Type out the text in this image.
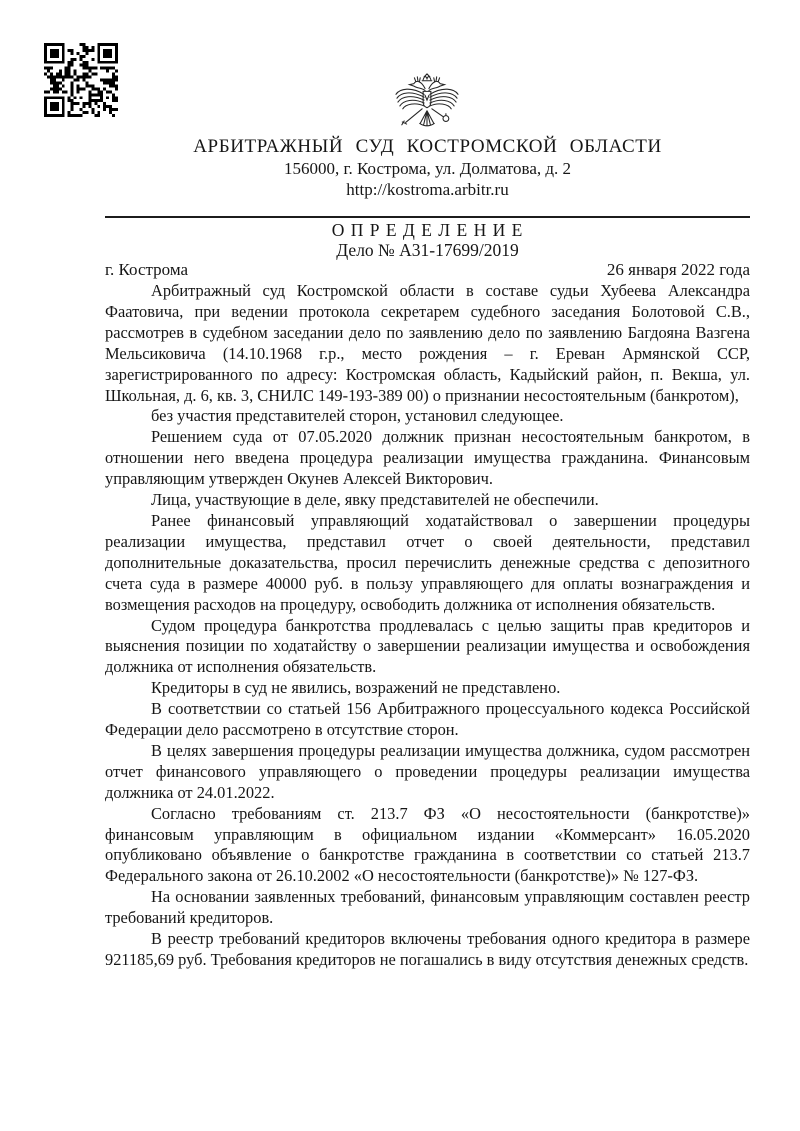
АРБИТРАЖНЫЙ СУД КОСТРОМСКОЙ ОБЛАСТИ
156000, г. Кострома, ул. Долматова, д. 2
http://kostroma.arbitr.ru
О П Р Е Д Е Л Е Н И Е
Дело № А31-17699/2019
г. Кострома	26 января 2022 года

Арбитражный суд Костромской области в составе судьи Хубеева Александра Фаатовича, при ведении протокола секретарем судебного заседания Болотовой С.В., рассмотрев в судебном заседании дело по заявлению дело по заявлению Багдояна Вазгена Мельсиковича (14.10.1968 г.р., место рождения – г. Ереван Армянской ССР, зарегистрированного по адресу: Костромская область, Кадыйский район, п. Векша, ул. Школьная, д. 6, кв. 3, СНИЛС 149-193-389 00) о признании несостоятельным (банкротом),

без участия представителей сторон, установил следующее.

Решением суда от 07.05.2020 должник признан несостоятельным банкротом, в отношении него введена процедура реализации имущества гражданина. Финансовым управляющим утвержден Окунев Алексей Викторович.

Лица, участвующие в деле, явку представителей не обеспечили.

Ранее финансовый управляющий ходатайствовал о завершении процедуры реализации имущества, представил отчет о своей деятельности, представил дополнительные доказательства, просил перечислить денежные средства с депозитного счета суда в размере 40000 руб. в пользу управляющего для оплаты вознаграждения и возмещения расходов на процедуру, освободить должника от исполнения обязательств.

Судом процедура банкротства продлевалась с целью защиты прав кредиторов и выяснения позиции по ходатайству о завершении реализации имущества и освобождения должника от исполнения обязательств.

Кредиторы в суд не явились, возражений не представлено.

В соответствии со статьей 156 Арбитражного процессуального кодекса Российской Федерации дело рассмотрено в отсутствие сторон.

В целях завершения процедуры реализации имущества должника, судом рассмотрен отчет финансового управляющего о проведении процедуры реализации имущества должника от 24.01.2022.

Согласно требованиям ст. 213.7 ФЗ «О несостоятельности (банкротстве)» финансовым управляющим в официальном издании «Коммерсант» 16.05.2020 опубликовано объявление о банкротстве гражданина в соответствии со статьей 213.7 Федерального закона от 26.10.2002 «О несостоятельности (банкротстве)» № 127-ФЗ.

На основании заявленных требований, финансовым управляющим составлен реестр требований кредиторов.

В реестр требований кредиторов включены требования одного кредитора в размере 921185,69 руб. Требования кредиторов не погашались в виду отсутствия денежных средств.
